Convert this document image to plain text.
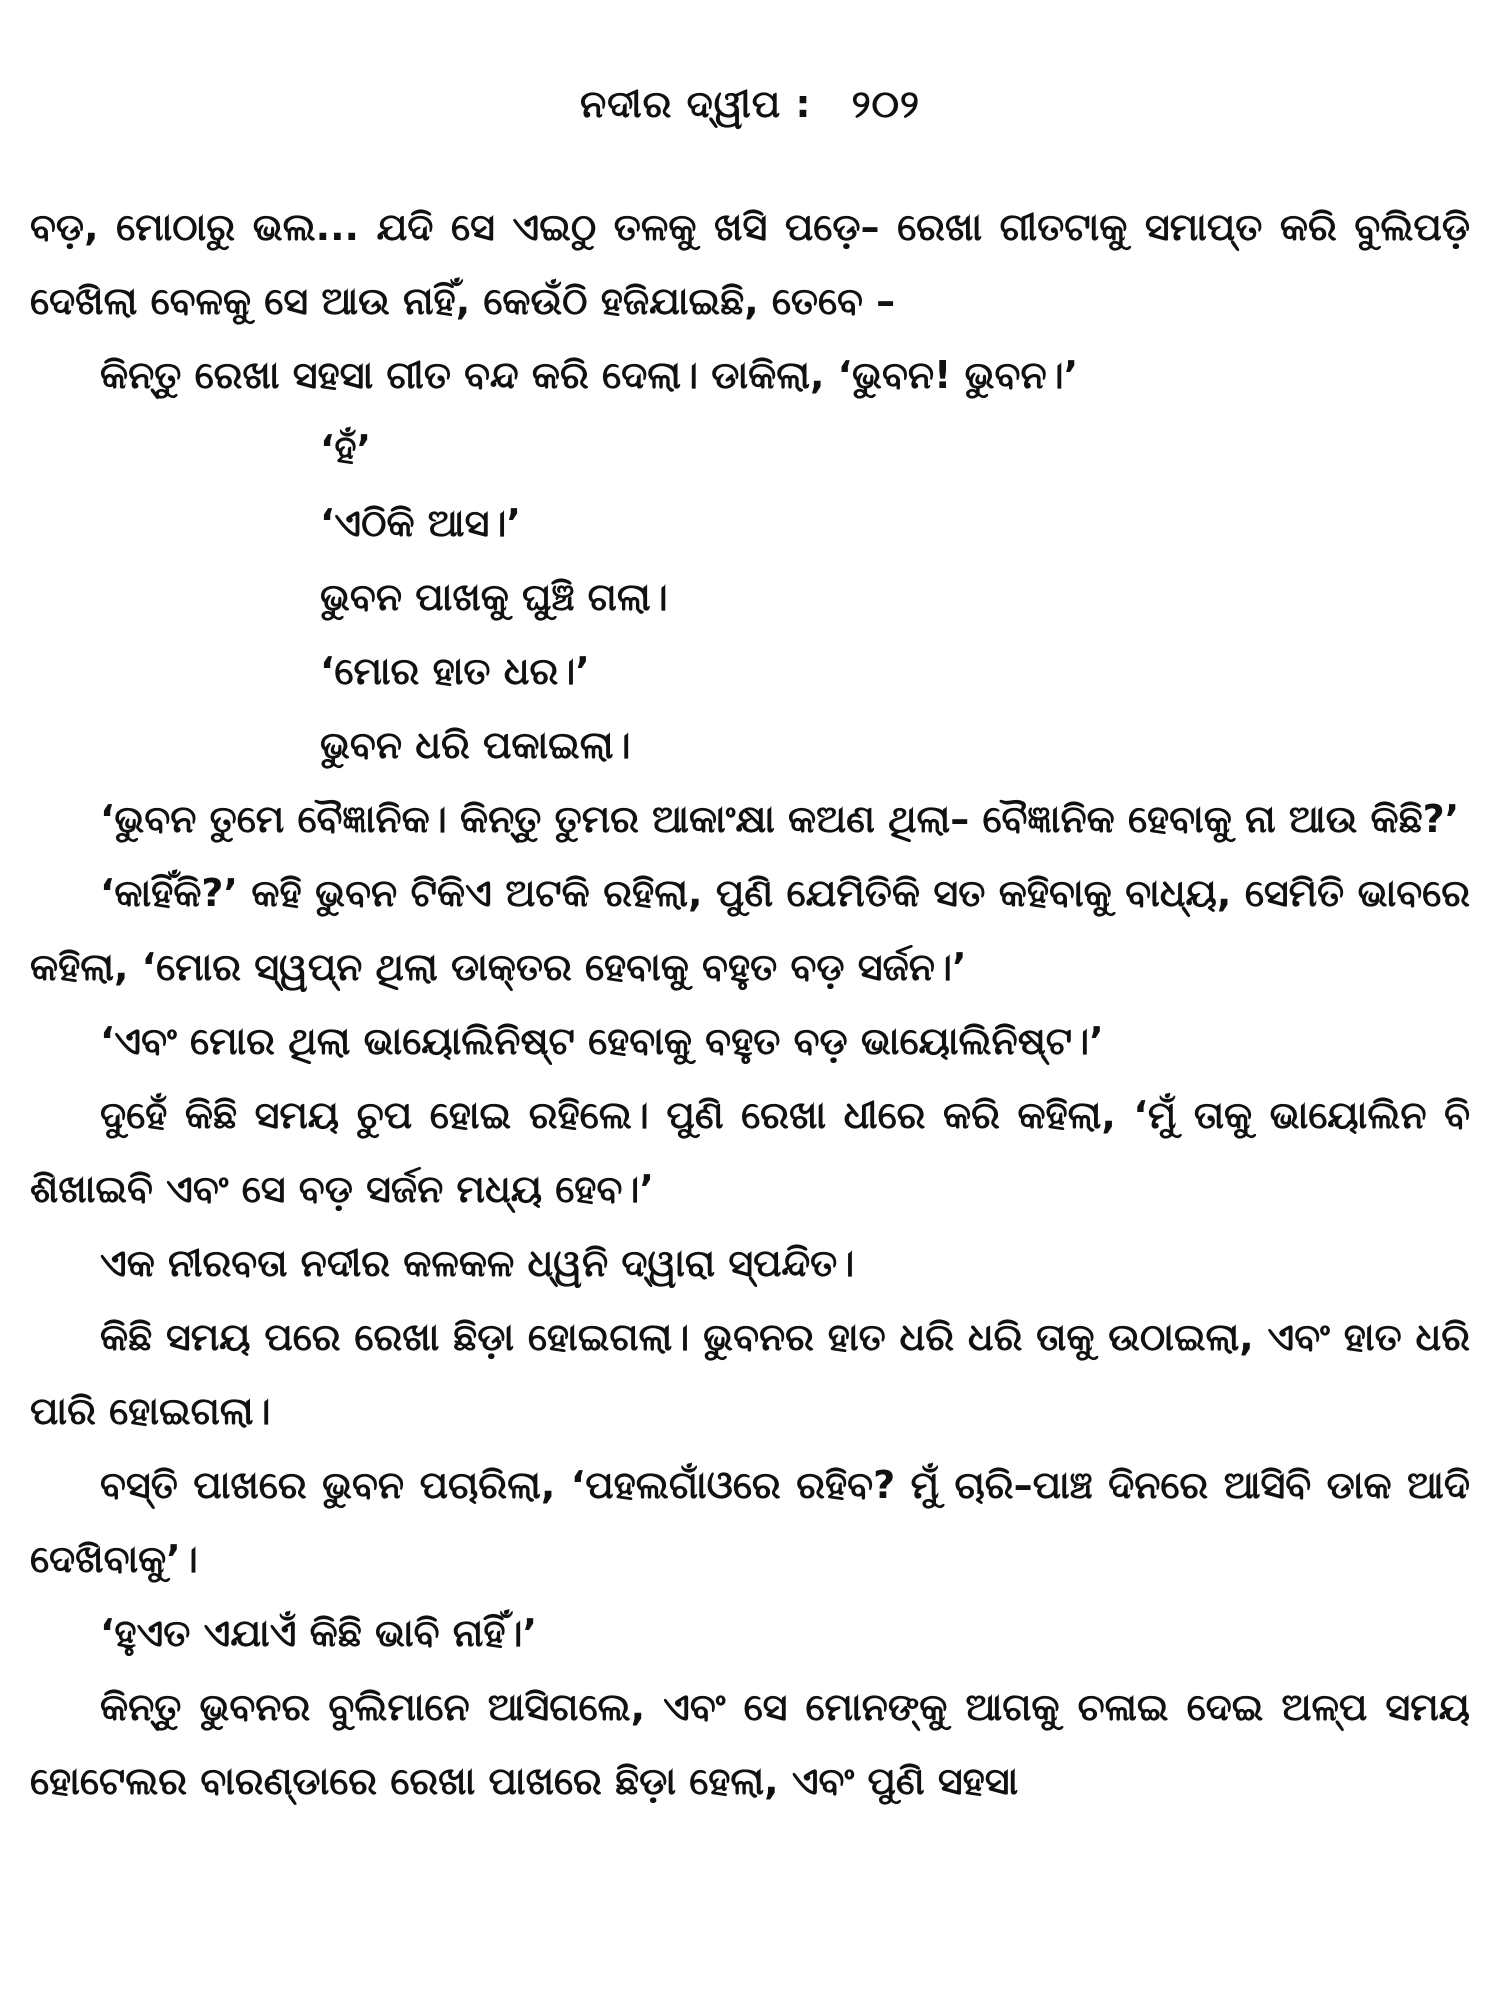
ନଦୀର ଦ୍ୱୀପ : ୨୦୨

ବଡ଼, ମୋଠାରୁ ଭଲ... ଯଦି ସେ ଏଇଠୁ ତଳକୁ ଖସି ପଡ଼େ– ରେଖା ଗୀତଟାକୁ ସମାପ୍ତ କରି ବୁଲିପଡ଼ି ଦେଖିଲା ବେଳକୁ ସେ ଆଉ ନାହିଁ, କେଉଁଠି ହଜିଯାଇଛି, ତେବେ –

କିନ୍ତୁ ରେଖା ସହସା ଗୀତ ବନ୍ଦ କରି ଦେଲା। ଡାକିଲା, ‘ଭୁବନ! ଭୁବନ।’

‘ହଁ’

‘ଏଠିକି ଆସ।’

ଭୁବନ ପାଖକୁ ଘୁଞ୍ଚି ଗଲା।

‘ମୋର ହାତ ଧର।’

ଭୁବନ ଧରି ପକାଇଲା।

‘ଭୁବନ ତୁମେ ବୈଜ୍ଞାନିକ। କିନ୍ତୁ ତୁମର ଆକାଂକ୍ଷା କଅଣ ଥିଲା– ବୈଜ୍ଞାନିକ ହେବାକୁ ନା ଆଉ କିଛି?’

‘କାହିଁକି?’ କହି ଭୁବନ ଟିକିଏ ଅଟକି ରହିଲା, ପୁଣି ଯେମିତିକି ସତ କହିବାକୁ ବାଧ୍ୟ, ସେମିତି ଭାବରେ କହିଲା, ‘ମୋର ସ୍ୱପ୍ନ ଥିଲା ଡାକ୍ତର ହେବାକୁ ବହୁତ ବଡ଼ ସର୍ଜନ।’

‘ଏବଂ ମୋର ଥିଲା ଭାୟୋଲିନିଷ୍ଟ ହେବାକୁ ବହୁତ ବଡ଼ ଭାୟୋଲିନିଷ୍ଟ।’

ଦୁହେଁ କିଛି ସମୟ ଚୁପ ହୋଇ ରହିଲେ। ପୁଣି ରେଖା ଧୀରେ କରି କହିଲା, ‘ମୁଁ ତାକୁ ଭାୟୋଲିନ ବି ଶିଖାଇବି ଏବଂ ସେ ବଡ଼ ସର୍ଜନ ମଧ୍ୟ ହେବ।’

ଏକ ନୀରବତା ନଦୀର କଳକଳ ଧ୍ୱନି ଦ୍ୱାରା ସ୍ପନ୍ଦିତ।

କିଛି ସମୟ ପରେ ରେଖା ଛିଡ଼ା ହୋଇଗଲା। ଭୁବନର ହାତ ଧରି ଧରି ତାକୁ ଉଠାଇଲା, ଏବଂ ହାତ ଧରି ପାରି ହୋଇଗଲା।

ବସ୍ତି ପାଖରେ ଭୁବନ ପଚାରିଲା, ‘ପହଲଗାଁଓରେ ରହିବ? ମୁଁ ଚାରି–ପାଞ୍ଚ ଦିନରେ ଆସିବି ଡାକ ଆଦି ଦେଖିବାକୁ’।

‘ହୁଏତ ଏଯାଏଁ କିଛି ଭାବି ନାହିଁ।’

କିନ୍ତୁ ଭୁବନର ବୁଲିମାନେ ଆସିଗଲେ, ଏବଂ ସେ ମୋନଙ୍କୁ ଆଗକୁ ଚଳାଇ ଦେଇ ଅଳ୍ପ ସମୟ ହୋଟେଲର ବାରଣ୍ଡାରେ ରେଖା ପାଖରେ ଛିଡ଼ା ହେଲା, ଏବଂ ପୁଣି ସହସା
